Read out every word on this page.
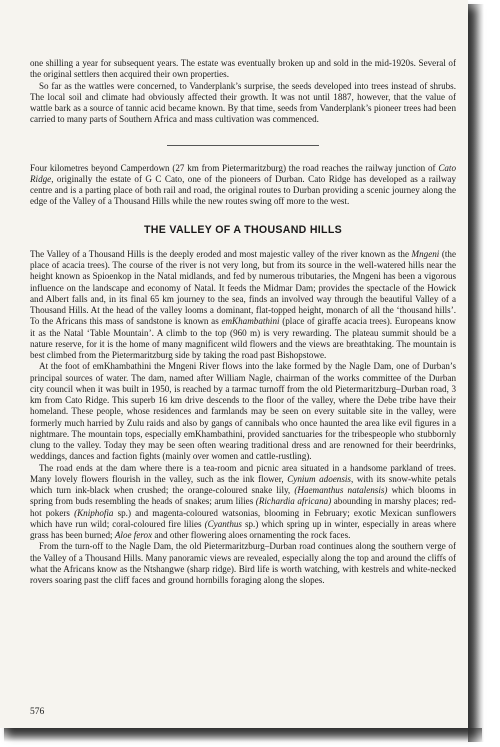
one shilling a year for subsequent years. The estate was eventually broken up and sold in the mid-1920s. Several of the original settlers then acquired their own properties.

So far as the wattles were concerned, to Vanderplank’s surprise, the seeds developed into trees instead of shrubs. The local soil and climate had obviously affected their growth. It was not until 1887, however, that the value of wattle bark as a source of tannic acid became known. By that time, seeds from Vanderplank’s pioneer trees had been carried to many parts of Southern Africa and mass cultivation was commenced.

Four kilometres beyond Camperdown (27 km from Pietermaritzburg) the road reaches the railway junction of Cato Ridge, originally the estate of G C Cato, one of the pioneers of Durban. Cato Ridge has developed as a railway centre and is a parting place of both rail and road, the original routes to Durban providing a scenic journey along the edge of the Valley of a Thousand Hills while the new routes swing off more to the west.

THE VALLEY OF A THOUSAND HILLS

The Valley of a Thousand Hills is the deeply eroded and most majestic valley of the river known as the Mngeni (the place of acacia trees). The course of the river is not very long, but from its source in the well-watered hills near the height known as Spioenkop in the Natal midlands, and fed by numerous tributaries, the Mngeni has been a vigorous influence on the landscape and economy of Natal. It feeds the Midmar Dam; provides the spectacle of the Howick and Albert falls and, in its final 65 km journey to the sea, finds an involved way through the beautiful Valley of a Thousand Hills. At the head of the valley looms a dominant, flat-topped height, monarch of all the ‘thousand hills’. To the Africans this mass of sandstone is known as emKhambathini (place of giraffe acacia trees). Europeans know it as the Natal ‘Table Mountain’. A climb to the top (960 m) is very rewarding. The plateau summit should be a nature reserve, for it is the home of many magnificent wild flowers and the views are breathtaking. The mountain is best climbed from the Pietermaritzburg side by taking the road past Bishopstowe.

At the foot of emKhambathini the Mngeni River flows into the lake formed by the Nagle Dam, one of Durban’s principal sources of water. The dam, named after William Nagle, chairman of the works committee of the Durban city council when it was built in 1950, is reached by a tarmac turnoff from the old Pietermaritzburg–Durban road, 3 km from Cato Ridge. This superb 16 km drive descends to the floor of the valley, where the Debe tribe have their homeland. These people, whose residences and farmlands may be seen on every suitable site in the valley, were formerly much harried by Zulu raids and also by gangs of cannibals who once haunted the area like evil figures in a nightmare. The mountain tops, especially emKhambathini, provided sanctuaries for the tribespeople who stubbornly clung to the valley. Today they may be seen often wearing traditional dress and are renowned for their beerdrinks, weddings, dances and faction fights (mainly over women and cattle-rustling).

The road ends at the dam where there is a tea-room and picnic area situated in a handsome parkland of trees. Many lovely flowers flourish in the valley, such as the ink flower, Cynium adoensis, with its snow-white petals which turn ink-black when crushed; the orange-coloured snake lily, (Haemanthus natalensis) which blooms in spring from buds resembling the heads of snakes; arum lilies (Richardia africana) abounding in marshy places; red-hot pokers (Kniphofia sp.) and magenta-coloured watsonias, blooming in February; exotic Mexican sunflowers which have run wild; coral-coloured fire lilies (Cyanthus sp.) which spring up in winter, especially in areas where grass has been burned; Aloe ferox and other flowering aloes ornamenting the rock faces.

From the turn-off to the Nagle Dam, the old Pietermaritzburg–Durban road continues along the southern verge of the Valley of a Thousand Hills. Many panoramic views are revealed, especially along the top and around the cliffs of what the Africans know as the Ntshangwe (sharp ridge). Bird life is worth watching, with kestrels and white-necked rovers soaring past the cliff faces and ground hornbills foraging along the slopes.

576
